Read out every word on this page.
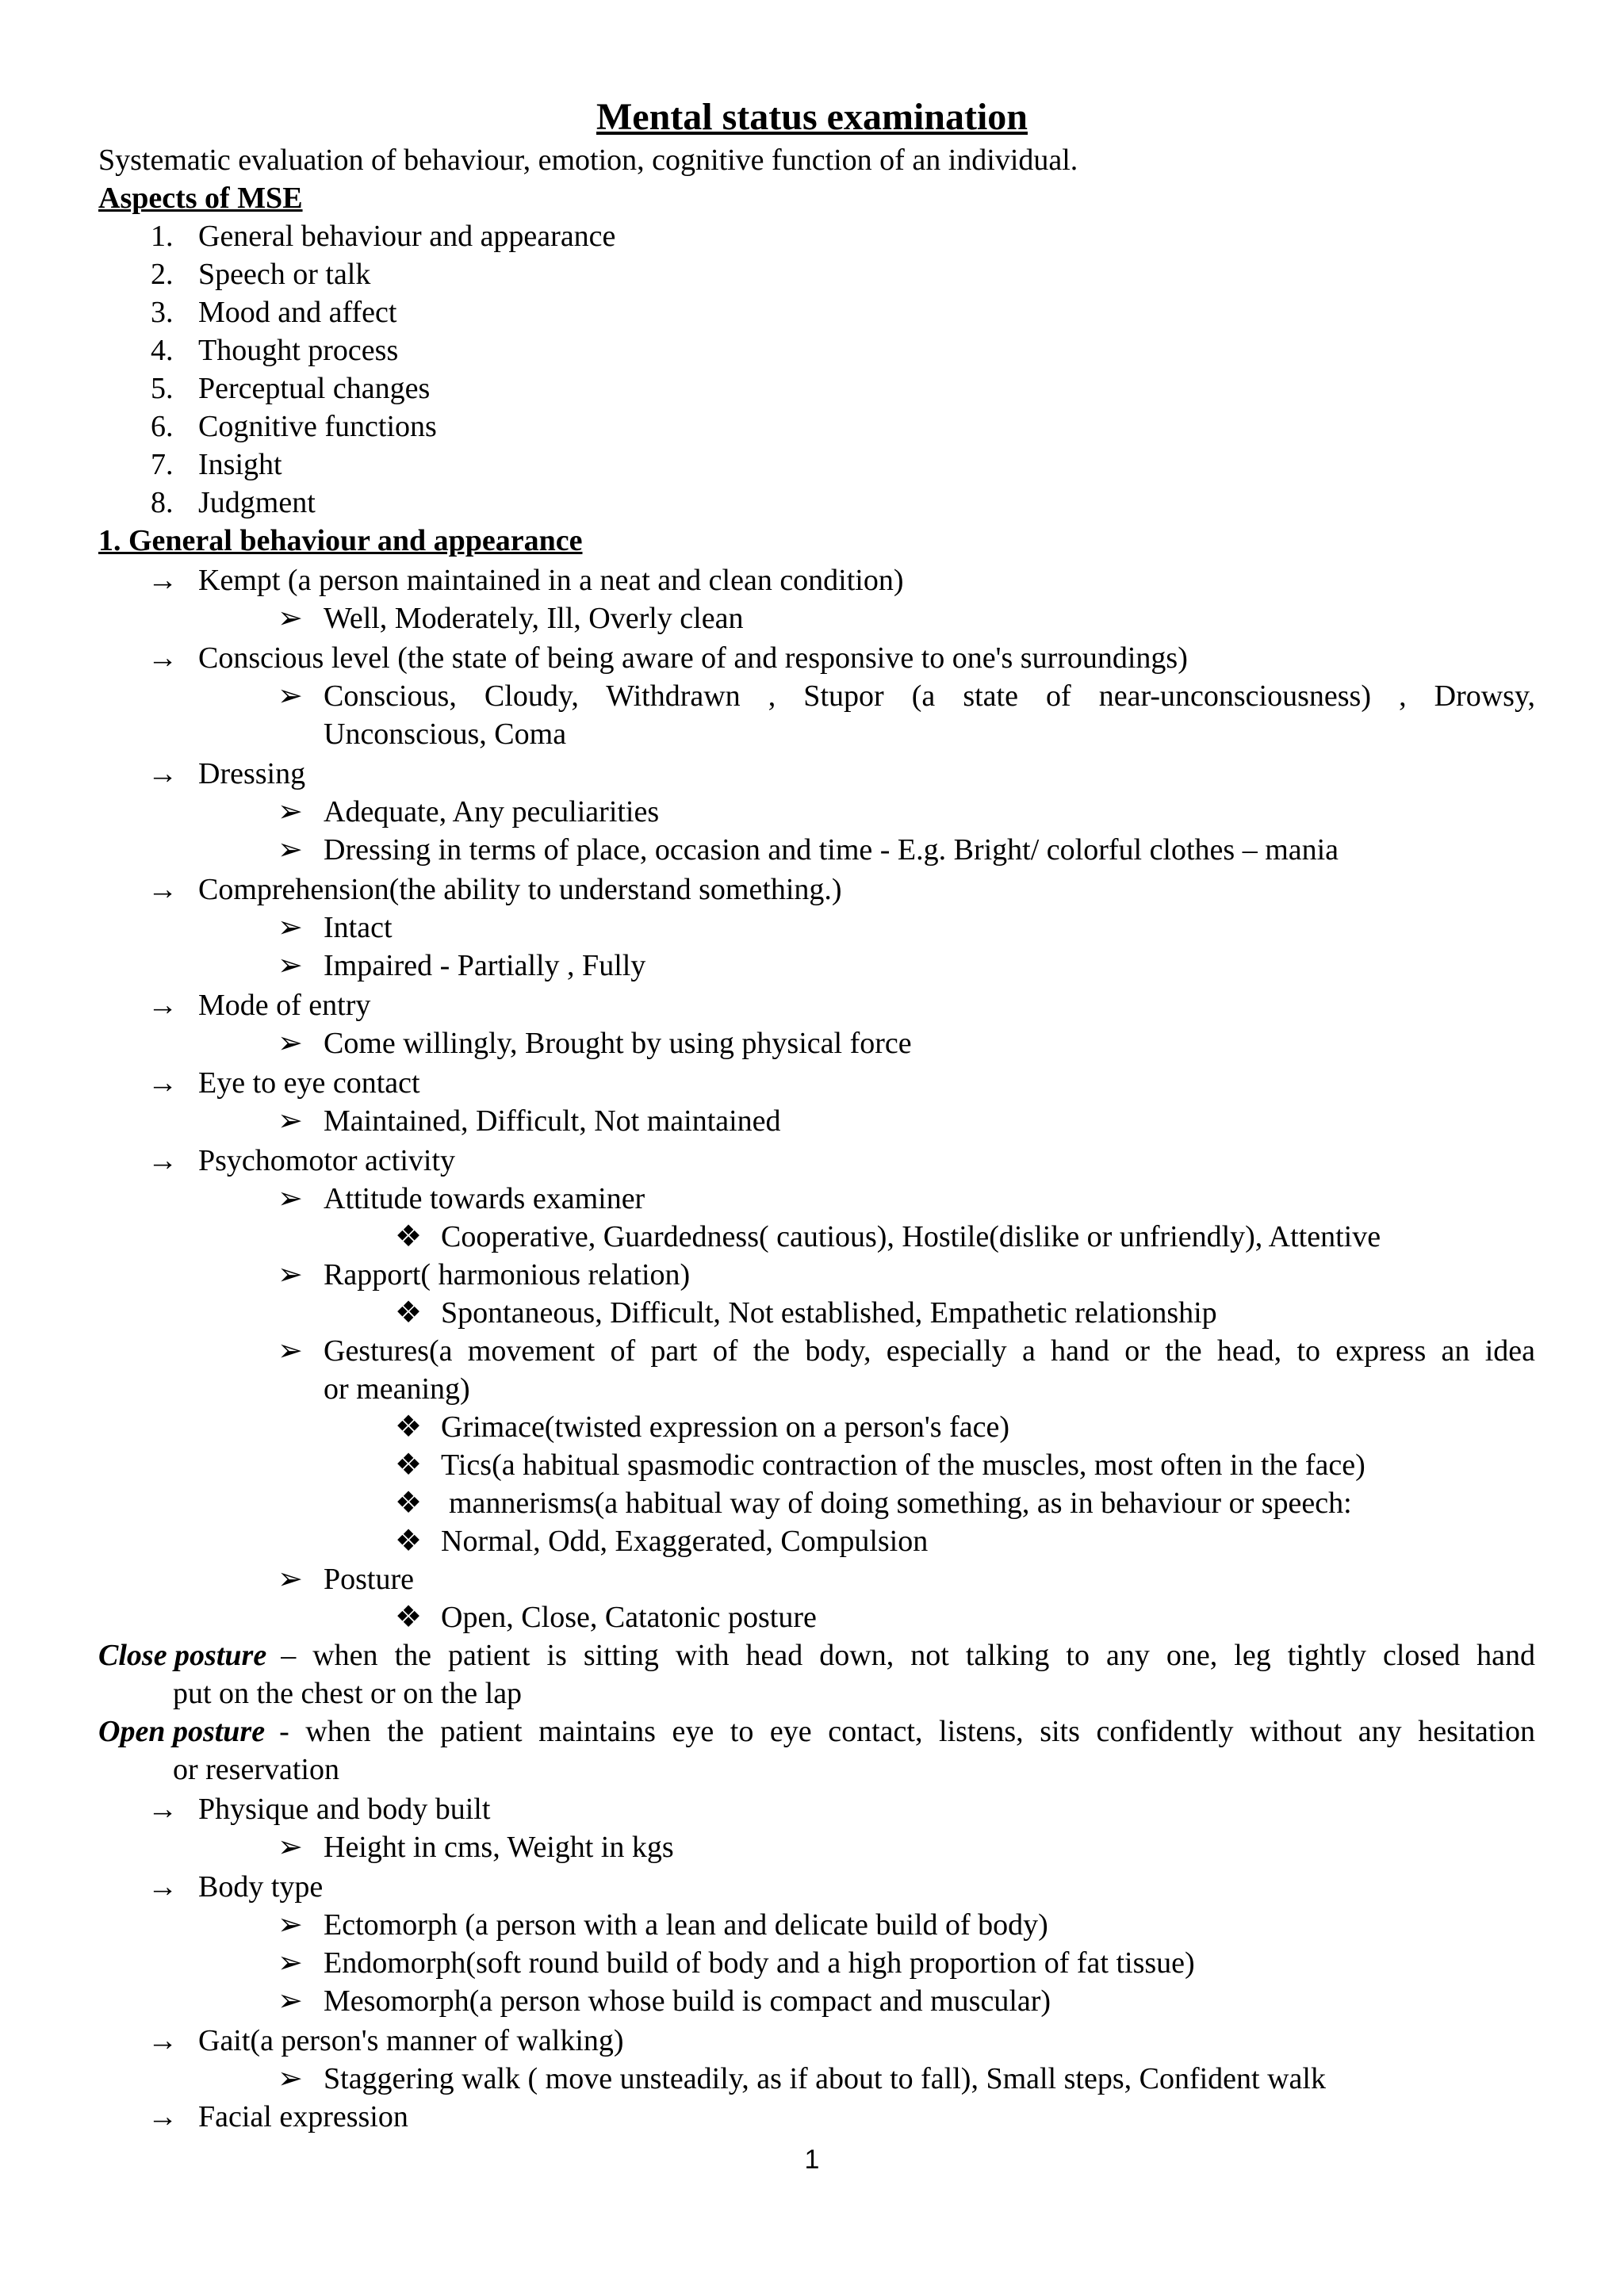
Mental status examination
Systematic evaluation of behaviour, emotion, cognitive function of an individual.
Aspects of MSE
1. General behaviour and appearance
2. Speech or talk
3. Mood and affect
4. Thought process
5. Perceptual changes
6. Cognitive functions
7. Insight
8. Judgment
1. General behaviour and appearance
→ Kempt (a person maintained in a neat and clean condition)
➢ Well, Moderately, Ill, Overly clean
→ Conscious level (the state of being aware of and responsive to one's surroundings)
➢ Conscious, Cloudy, Withdrawn , Stupor (a state of near-unconsciousness) , Drowsy,
Unconscious, Coma
→ Dressing
➢ Adequate, Any peculiarities
➢ Dressing in terms of place, occasion and time - E.g. Bright/ colorful clothes – mania
→ Comprehension(the ability to understand something.)
➢ Intact
➢ Impaired - Partially , Fully
→ Mode of entry
➢ Come willingly, Brought by using physical force
→ Eye to eye contact
➢ Maintained, Difficult, Not maintained
→ Psychomotor activity
➢ Attitude towards examiner
❖ Cooperative, Guardedness( cautious), Hostile(dislike or unfriendly), Attentive
➢ Rapport( harmonious relation)
❖ Spontaneous, Difficult, Not established, Empathetic relationship
➢ Gestures(a movement of part of the body, especially a hand or the head, to express an idea
or meaning)
❖ Grimace(twisted expression on a person's face)
❖ Tics(a habitual spasmodic contraction of the muscles, most often in the face)
❖ mannerisms(a habitual way of doing something, as in behaviour or speech:
❖ Normal, Odd, Exaggerated, Compulsion
➢ Posture
❖ Open, Close, Catatonic posture
Close posture – when the patient is sitting with head down, not talking to any one, leg tightly closed hand
put on the chest or on the lap
Open posture - when the patient maintains eye to eye contact, listens, sits confidently without any hesitation
or reservation
→ Physique and body built
➢ Height in cms, Weight in kgs
→ Body type
➢ Ectomorph (a person with a lean and delicate build of body)
➢ Endomorph(soft round build of body and a high proportion of fat tissue)
➢ Mesomorph(a person whose build is compact and muscular)
→ Gait(a person's manner of walking)
➢ Staggering walk ( move unsteadily, as if about to fall), Small steps, Confident walk
→ Facial expression
1
